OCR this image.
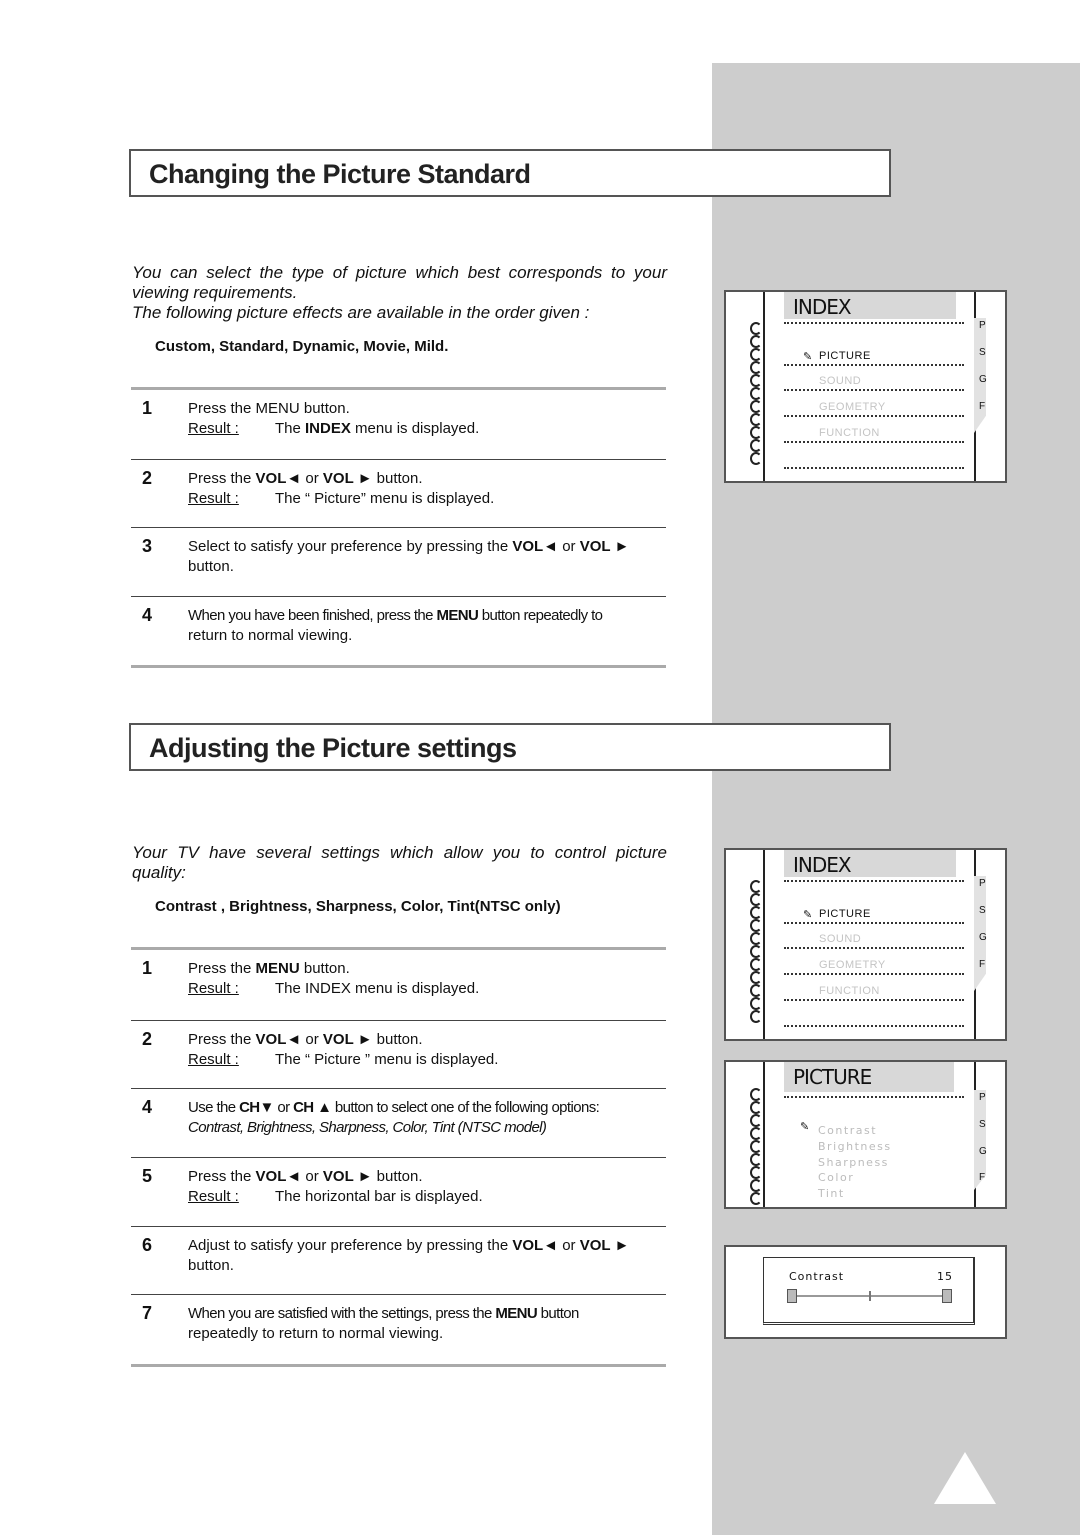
Changing the Picture Standard

You can select the type of picture which best corresponds to your viewing requirements.

The following picture effects are available in the order given :

Custom, Standard, Dynamic, Movie, Mild.
1 Press the MENU button.
Result : The INDEX menu is displayed.
2 Press the VOL◄ or VOL ► button.
Result : The “ Picture” menu is displayed.
3 Select to satisfy your preference by pressing the VOL◄ or VOL ►
button.
4 When you have been finished, press the MENU button repeatedly to
return to normal viewing.
Adjusting the Picture settings

Your TV have several settings which allow you to control picture quality:

Contrast , Brightness, Sharpness, Color, Tint(NTSC only)
1 Press the MENU button.
Result : The INDEX menu is displayed.
2 Press the VOL◄ or VOL ► button.
Result : The “ Picture ” menu is displayed.
4 Use the CH▼ or CH ▲ button to select one of the following options:
Contrast, Brightness, Sharpness, Color, Tint (NTSC model)
5 Press the VOL◄ or VOL ► button.
Result : The horizontal bar is displayed.
6 Adjust to satisfy your preference by pressing the VOL◄ or VOL ►
button.
7 When you are satisfied with the settings, press the MENU button
repeatedly to return to normal viewing.
INDEX
✎ PICTURE
SOUND
GEOMETRY
FUNCTION
P
S
G
F
INDEX
✎ PICTURE
SOUND
GEOMETRY
FUNCTION
P
S
G
F
PICTURE
✎ Contrast
Brightness
Sharpness
Color
Tint
P
S
G
F
Contrast	15
